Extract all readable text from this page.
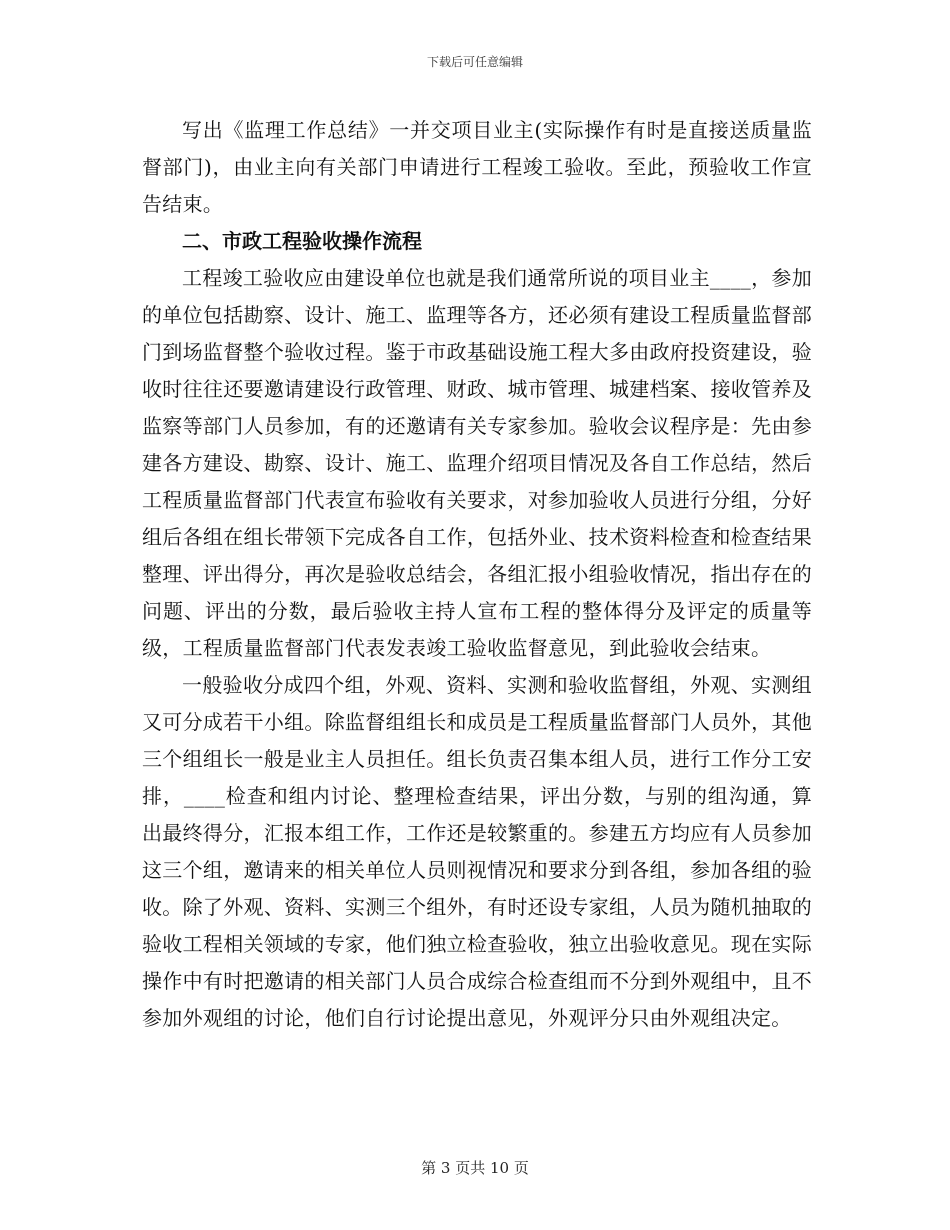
下载后可任意编辑

写出《监理工作总结》一并交项目业主(实际操作有时是直接送质量监督部门)，由业主向有关部门申请进行工程竣工验收。至此，预验收工作宣告结束。

二、市政工程验收操作流程

工程竣工验收应由建设单位也就是我们通常所说的项目业主____，参加的单位包括勘察、设计、施工、监理等各方，还必须有建设工程质量监督部门到场监督整个验收过程。鉴于市政基础设施工程大多由政府投资建设，验收时往往还要邀请建设行政管理、财政、城市管理、城建档案、接收管养及监察等部门人员参加，有的还邀请有关专家参加。验收会议程序是：先由参建各方建设、勘察、设计、施工、监理介绍项目情况及各自工作总结，然后工程质量监督部门代表宣布验收有关要求，对参加验收人员进行分组，分好组后各组在组长带领下完成各自工作，包括外业、技术资料检查和检查结果整理、评出得分，再次是验收总结会，各组汇报小组验收情况，指出存在的问题、评出的分数，最后验收主持人宣布工程的整体得分及评定的质量等级，工程质量监督部门代表发表竣工验收监督意见，到此验收会结束。

一般验收分成四个组，外观、资料、实测和验收监督组，外观、实测组又可分成若干小组。除监督组组长和成员是工程质量监督部门人员外，其他三个组组长一般是业主人员担任。组长负责召集本组人员，进行工作分工安排，____检查和组内讨论、整理检查结果，评出分数，与别的组沟通，算出最终得分，汇报本组工作，工作还是较繁重的。参建五方均应有人员参加这三个组，邀请来的相关单位人员则视情况和要求分到各组，参加各组的验收。除了外观、资料、实测三个组外，有时还设专家组，人员为随机抽取的验收工程相关领域的专家，他们独立检查验收，独立出验收意见。现在实际操作中有时把邀请的相关部门人员合成综合检查组而不分到外观组中，且不参加外观组的讨论，他们自行讨论提出意见，外观评分只由外观组决定。

第 3 页共 10 页
